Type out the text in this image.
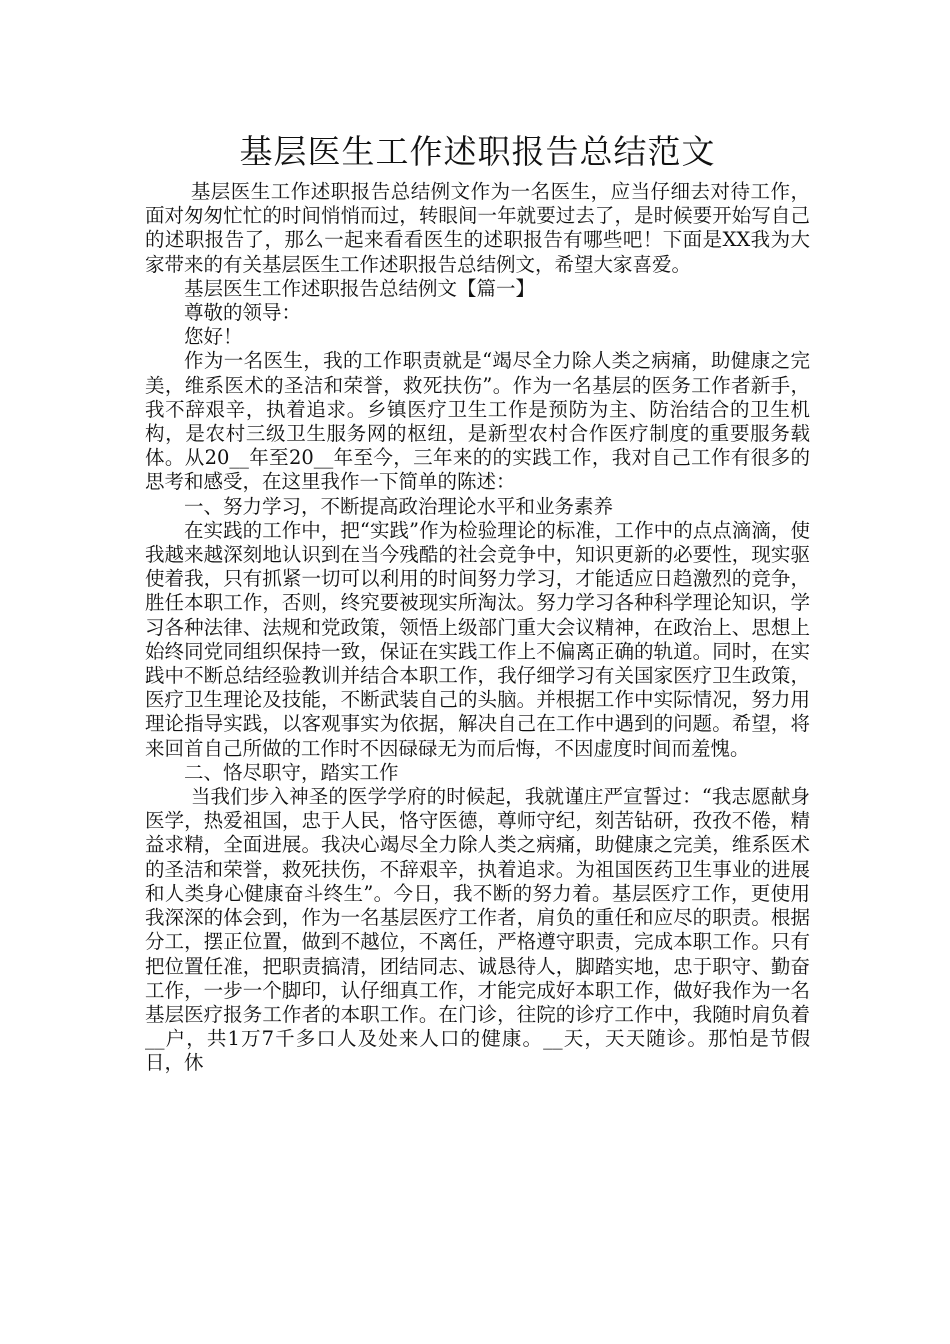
基层医生工作述职报告总结范文

基层医生工作述职报告总结例文作为一名医生，应当仔细去对待工作，面对匆匆忙忙的时间悄悄而过，转眼间一年就要过去了，是时候要开始写自己的述职报告了，那么一起来看看医生的述职报告有哪些吧！下面是XX我为大家带来的有关基层医生工作述职报告总结例文，希望大家喜爱。

基层医生工作述职报告总结例文【篇一】

尊敬的领导：

您好！

作为一名医生，我的工作职责就是“竭尽全力除人类之病痛，助健康之完美，维系医术的圣洁和荣誉，救死扶伤”。作为一名基层的医务工作者新手，我不辞艰辛，执着追求。乡镇医疗卫生工作是预防为主、防治结合的卫生机构，是农村三级卫生服务网的枢纽，是新型农村合作医疗制度的重要服务载体。从20__年至20__年至今，三年来的的实践工作，我对自己工作有很多的思考和感受，在这里我作一下简单的陈述：

一、努力学习，不断提高政治理论水平和业务素养

在实践的工作中，把“实践”作为检验理论的标准，工作中的点点滴滴，使我越来越深刻地认识到在当今残酷的社会竞争中，知识更新的必要性，现实驱使着我，只有抓紧一切可以利用的时间努力学习，才能适应日趋激烈的竞争，胜任本职工作，否则，终究要被现实所淘汰。努力学习各种科学理论知识，学习各种法律、法规和党政策，领悟上级部门重大会议精神，在政治上、思想上始终同党同组织保持一致，保证在实践工作上不偏离正确的轨道。同时，在实践中不断总结经验教训并结合本职工作，我仔细学习有关国家医疗卫生政策，医疗卫生理论及技能，不断武装自己的头脑。并根据工作中实际情况，努力用理论指导实践，以客观事实为依据，解决自己在工作中遇到的问题。希望，将来回首自己所做的工作时不因碌碌无为而后悔，不因虚度时间而羞愧。

二、恪尽职守，踏实工作

当我们步入神圣的医学学府的时候起，我就谨庄严宣誓过：“我志愿献身医学，热爱祖国，忠于人民，恪守医德，尊师守纪，刻苦钻研，孜孜不倦，精益求精，全面进展。我决心竭尽全力除人类之病痛，助健康之完美，维系医术的圣洁和荣誉，救死扶伤，不辞艰辛，执着追求。为祖国医药卫生事业的进展和人类身心健康奋斗终生”。今日，我不断的努力着。基层医疗工作，更使用我深深的体会到，作为一名基层医疗工作者，肩负的重任和应尽的职责。根据分工，摆正位置，做到不越位，不离任，严格遵守职责，完成本职工作。只有把位置任准，把职责搞清，团结同志、诚恳待人，脚踏实地，忠于职守、勤奋工作，一步一个脚印，认仔细真工作，才能完成好本职工作，做好我作为一名基层医疗报务工作者的本职工作。在门诊，往院的诊疗工作中，我随时肩负着__户，共1万7千多口人及处来人口的健康。__天，天天随诊。那怕是节假日，休
